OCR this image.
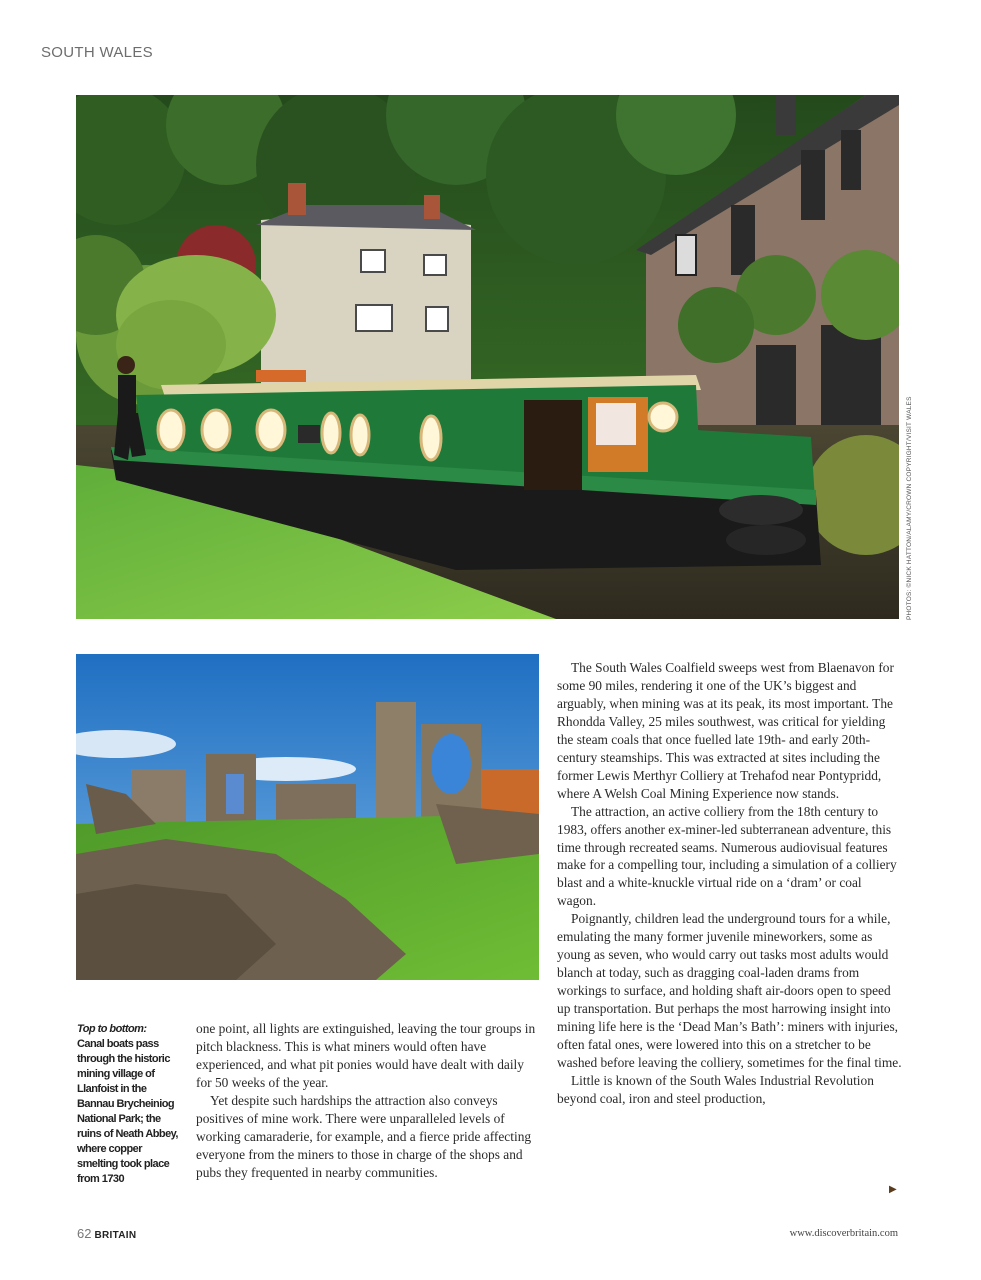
SOUTH WALES
PHOTOS: ©NICK HATTON/ALAMY/CROWN COPYRIGHT/VISIT WALES
Top to bottom:
Canal boats pass through the historic mining village of Llanfoist in the Bannau Brycheiniog National Park; the ruins of Neath Abbey, where copper smelting took place from 1730

one point, all lights are extinguished, leaving the tour groups in pitch blackness. This is what miners would often have experienced, and what pit ponies would have dealt with daily for 50 weeks of the year.

Yet despite such hardships the attraction also conveys positives of mine work. There were unparalleled levels of working camaraderie, for example, and a fierce pride affecting everyone from the miners to those in charge of the shops and pubs they frequented in nearby communities.

The South Wales Coalfield sweeps west from Blaenavon for some 90 miles, rendering it one of the UK’s biggest and arguably, when mining was at its peak, its most important. The Rhondda Valley, 25 miles southwest, was critical for yielding the steam coals that once fuelled late 19th- and early 20th-century steamships. This was extracted at sites including the former Lewis Merthyr Colliery at Trehafod near Pontypridd, where A Welsh Coal Mining Experience now stands.

The attraction, an active colliery from the 18th century to 1983, offers another ex-miner-led subterranean adventure, this time through recreated seams. Numerous audiovisual features make for a compelling tour, including a simulation of a colliery blast and a white-knuckle virtual ride on a ‘dram’ or coal wagon.

Poignantly, children lead the underground tours for a while, emulating the many former juvenile mineworkers, some as young as seven, who would carry out tasks most adults would blanch at today, such as dragging coal-laden drams from workings to surface, and holding shaft air-doors open to speed up transportation. But perhaps the most harrowing insight into mining life here is the ‘Dead Man’s Bath’: miners with injuries, often fatal ones, were lowered into this on a stretcher to be washed before leaving the colliery, sometimes for the final time.

Little is known of the South Wales Industrial Revolution beyond coal, iron and steel production,

▶
62 BRITAIN	www.discoverbritain.com
